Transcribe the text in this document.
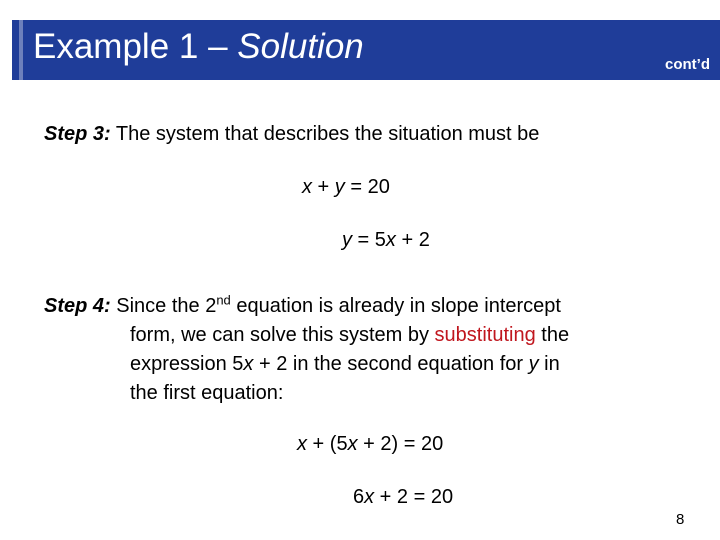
Example 1 – Solution	cont’d
Step 3: The system that describes the situation must be
x + y = 20
y = 5x + 2
Step 4: Since the 2nd equation is already in slope intercept
form, we can solve this system by substituting the
expression 5x + 2 in the second equation for y in
the first equation:
x + (5x + 2) = 20
6x + 2 = 20
8
